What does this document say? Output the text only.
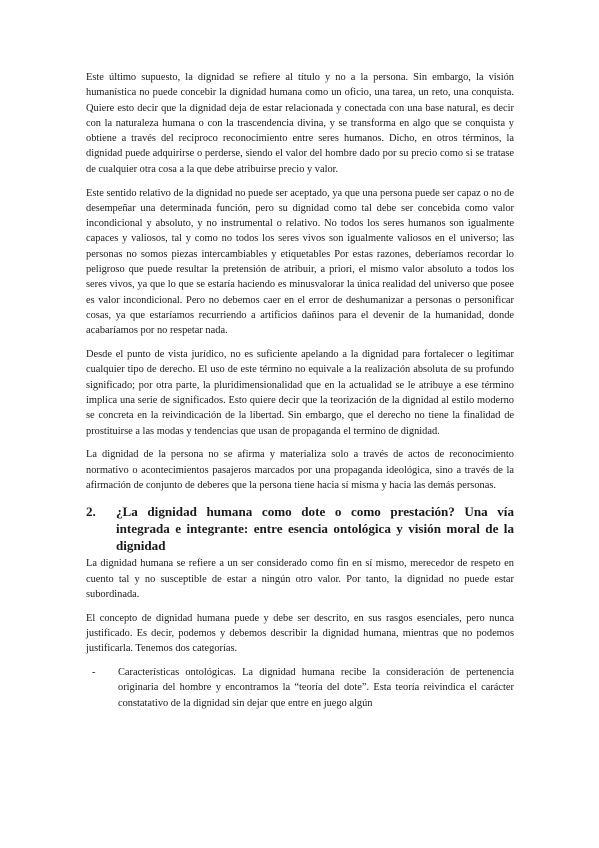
Este último supuesto, la dignidad se refiere al título y no a la persona. Sin embargo, la visión humanística no puede concebir la dignidad humana como un oficio, una tarea, un reto, una conquista. Quiere esto decir que la dignidad deja de estar relacionada y conectada con una base natural, es decir con la naturaleza humana o con la trascendencia divina, y se transforma en algo que se conquista y obtiene a través del reciproco reconocimiento entre seres humanos. Dicho, en otros términos, la dignidad puede adquirirse o perderse, siendo el valor del hombre dado por su precio como si se tratase de cualquier otra cosa a la que debe atribuirse precio y valor.

Este sentido relativo de la dignidad no puede ser aceptado, ya que una persona puede ser capaz o no de desempeñar una determinada función, pero su dignidad como tal debe ser concebida como valor incondicional y absoluto, y no instrumental o relativo. No todos los seres humanos son igualmente capaces y valiosos, tal y como no todos los seres vivos son igualmente valiosos en el universo; las personas no somos piezas intercambiables y etiquetables Por estas razones, deberíamos recordar lo peligroso que puede resultar la pretensión de atribuir, a priori, el mismo valor absoluto a todos los seres vivos, ya que lo que se estaría haciendo es minusvalorar la única realidad del universo que posee es valor incondicional. Pero no debemos caer en el error de deshumanizar a personas o personificar cosas, ya que estaríamos recurriendo a artificios dañinos para el devenir de la humanidad, donde acabaríamos por no respetar nada.

Desde el punto de vista jurídico, no es suficiente apelando a la dignidad para fortalecer o legitimar cualquier tipo de derecho. El uso de este término no equivale a la realización absoluta de su profundo significado; por otra parte, la pluridimensionalidad que en la actualidad se le atribuye a ese término implica una serie de significados. Esto quiere decir que la teorización de la dignidad al estilo moderno se concreta en la reivindicación de la libertad. Sin embargo, que el derecho no tiene la finalidad de prostituirse a las modas y tendencias que usan de propaganda el termino de dignidad.

La dignidad de la persona no se afirma y materializa solo a través de actos de reconocimiento normativo o acontecimientos pasajeros marcados por una propaganda ideológica, sino a través de la afirmación de conjunto de deberes que la persona tiene hacia sí misma y hacia las demás personas.

2.	¿La dignidad humana como dote o como prestación? Una vía integrada e integrante: entre esencia ontológica y visión moral de la dignidad

La dignidad humana se refiere a un ser considerado como fin en sí mismo, merecedor de respeto en cuento tal y no susceptible de estar a ningún otro valor. Por tanto, la dignidad no puede estar subordinada.

El concepto de dignidad humana puede y debe ser descrito, en sus rasgos esenciales, pero nunca justificado. Es decir, podemos y debemos describir la dignidad humana, mientras que no podemos justificarla. Tenemos dos categorías.

-	Características ontológicas. La dignidad humana recibe la consideración de pertenencia originaria del hombre y encontramos la “teoría del dote”. Esta teoría reivindica el carácter constatativo de la dignidad sin dejar que entre en juego algún
